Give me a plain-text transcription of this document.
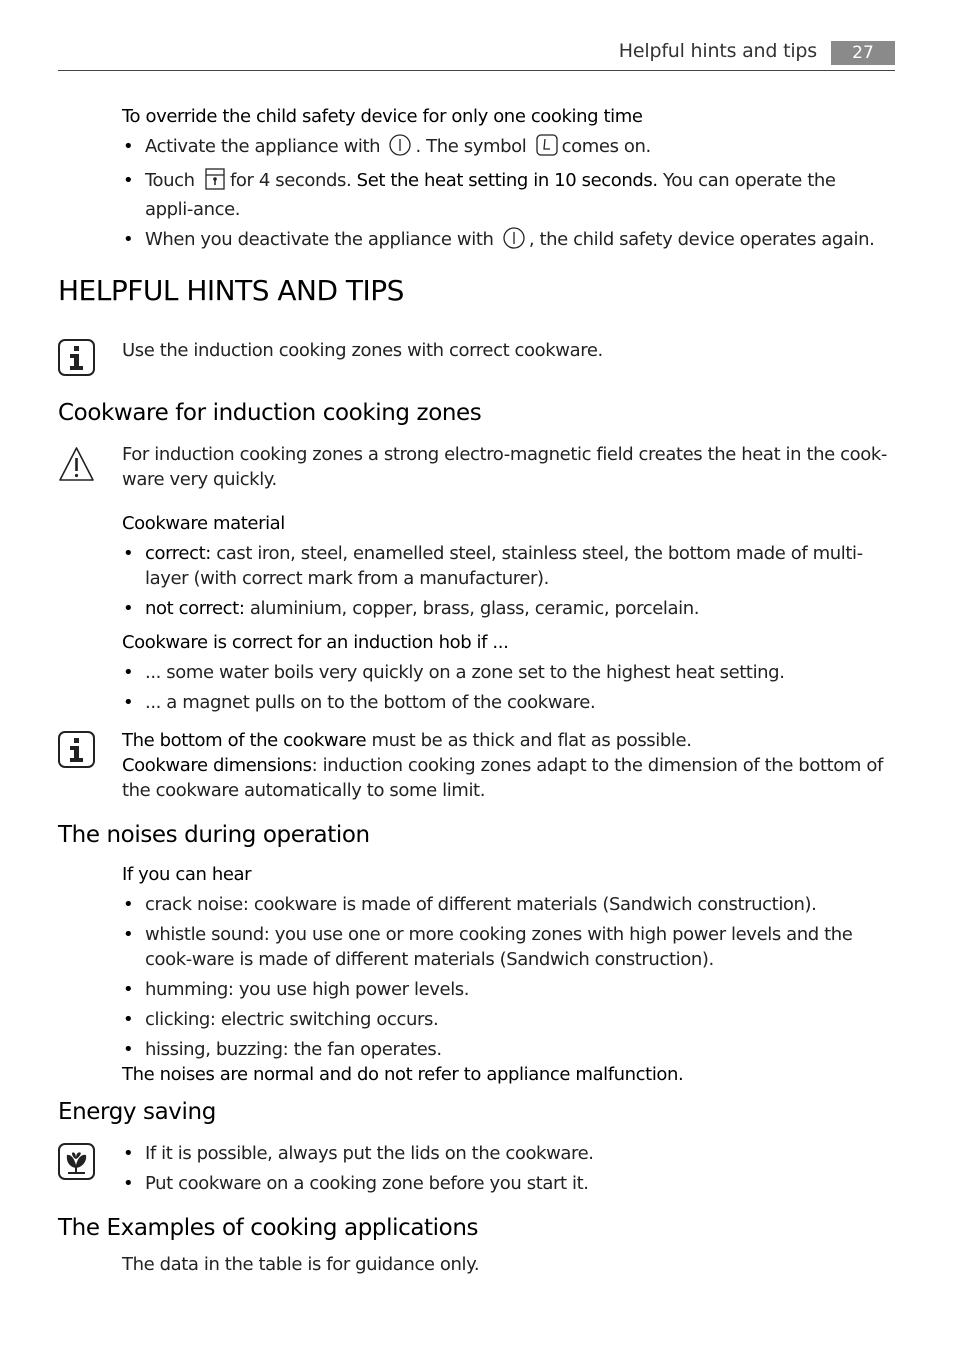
Helpful hints and tips	27
To override the child safety device for only one cooking time
• Activate the appliance with . The symbol comes on.
• Touch for 4 seconds. Set the heat setting in 10 seconds. You can operate the appli-ance.
• When you deactivate the appliance with , the child safety device operates again.
HELPFUL HINTS AND TIPS
Use the induction cooking zones with correct cookware.
Cookware for induction cooking zones
For induction cooking zones a strong electro-magnetic field creates the heat in the cook-ware very quickly.
Cookware material
• correct: cast iron, steel, enamelled steel, stainless steel, the bottom made of multi-layer (with correct mark from a manufacturer).
• not correct: aluminium, copper, brass, glass, ceramic, porcelain.
Cookware is correct for an induction hob if ...
• ... some water boils very quickly on a zone set to the highest heat setting.
• ... a magnet pulls on to the bottom of the cookware.
The bottom of the cookware must be as thick and flat as possible.
Cookware dimensions: induction cooking zones adapt to the dimension of the bottom of the cookware automatically to some limit.
The noises during operation
If you can hear
• crack noise: cookware is made of different materials (Sandwich construction).
• whistle sound: you use one or more cooking zones with high power levels and the cook-ware is made of different materials (Sandwich construction).
• humming: you use high power levels.
• clicking: electric switching occurs.
• hissing, buzzing: the fan operates.
The noises are normal and do not refer to appliance malfunction.
Energy saving
• If it is possible, always put the lids on the cookware.
• Put cookware on a cooking zone before you start it.
The Examples of cooking applications
The data in the table is for guidance only.
